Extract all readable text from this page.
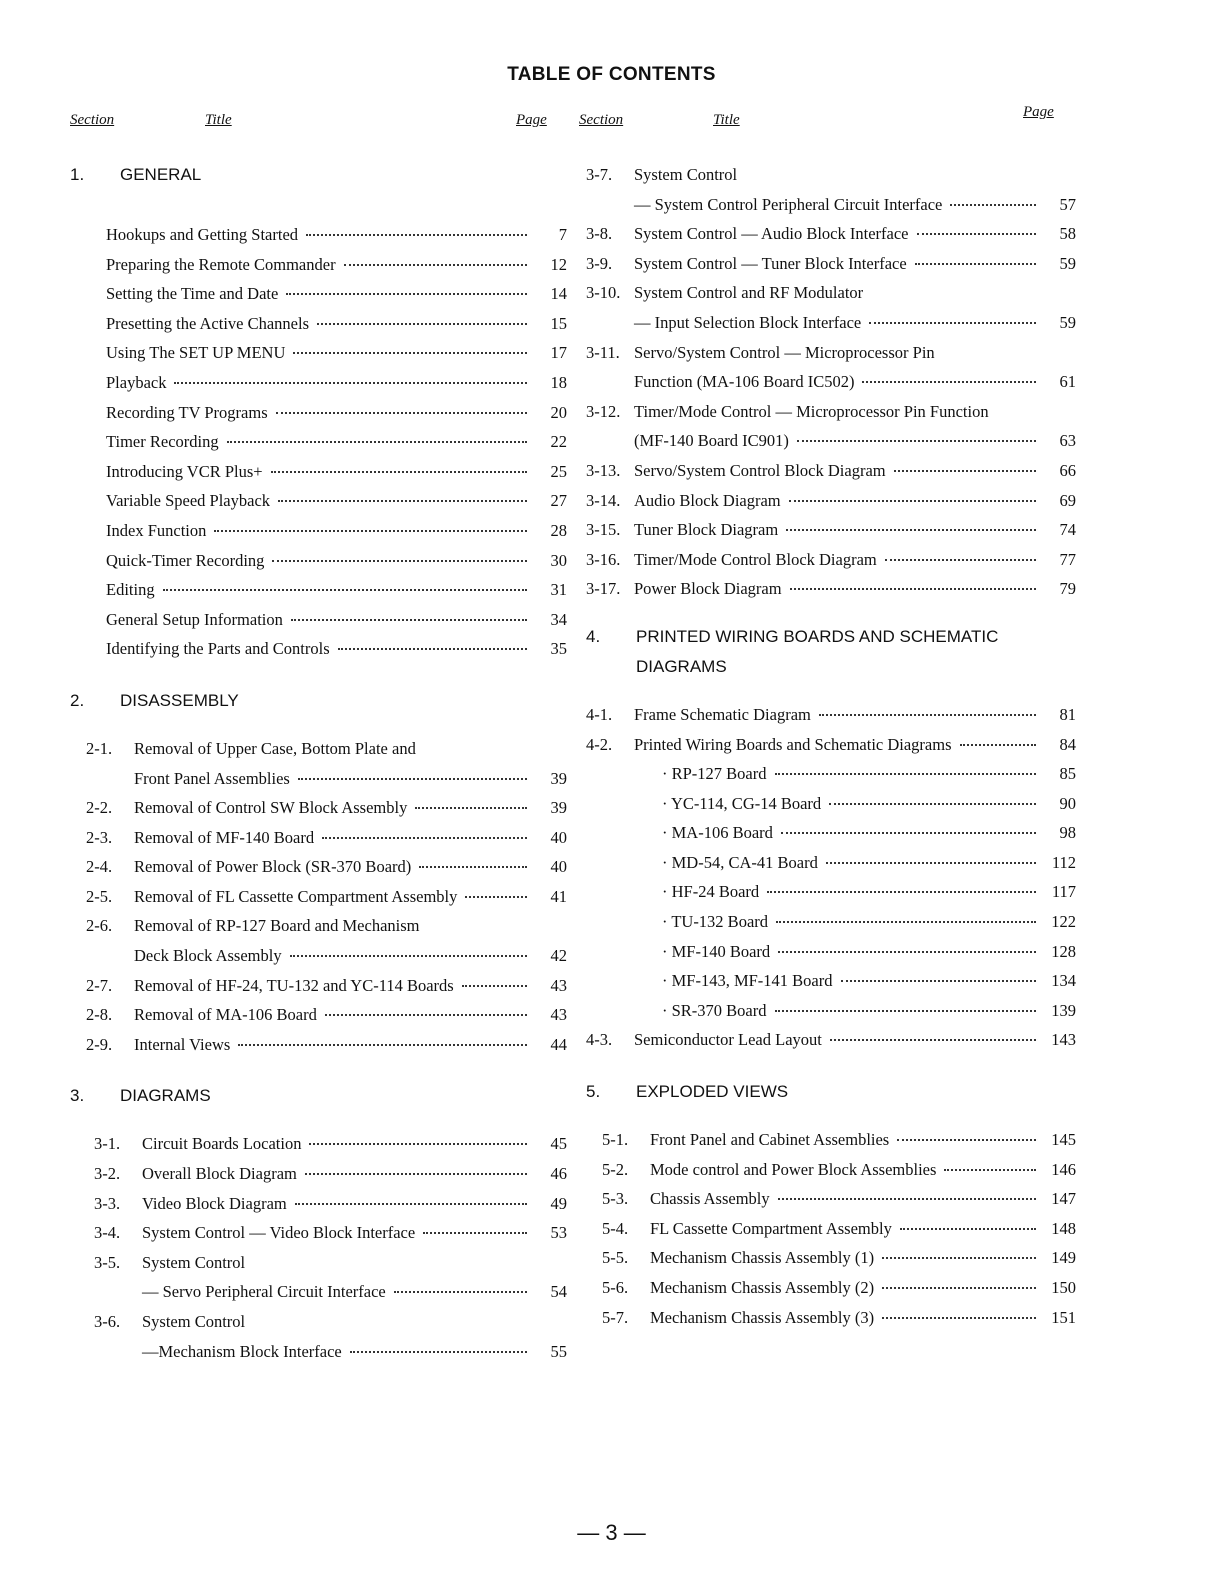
TABLE OF CONTENTS
Section	Title	Page Section	Title	Page
1.	GENERAL
Hookups and Getting Started	7
Preparing the Remote Commander	12
Setting the Time and Date	14
Presetting the Active Channels	15
Using The SET UP MENU	17
Playback	18
Recording TV Programs	20
Timer Recording	22
Introducing VCR Plus+	25
Variable Speed Playback	27
Index Function	28
Quick-Timer Recording	30
Editing	31
General Setup Information	34
Identifying the Parts and Controls	35
2.	DISASSEMBLY
2-1.	Removal of Upper Case, Bottom Plate and
Front Panel Assemblies	39
2-2.	Removal of Control SW Block Assembly	39
2-3.	Removal of MF-140 Board	40
2-4.	Removal of Power Block (SR-370 Board)	40
2-5.	Removal of FL Cassette Compartment Assembly	41
2-6.	Removal of RP-127 Board and Mechanism
Deck Block Assembly	42
2-7.	Removal of HF-24, TU-132 and YC-114 Boards	43
2-8.	Removal of MA-106 Board	43
2-9.	Internal Views	44
3.	DIAGRAMS
3-1.	Circuit Boards Location	45
3-2.	Overall Block Diagram	46
3-3.	Video Block Diagram	49
3-4.	System Control — Video Block Interface	53
3-5.	System Control
— Servo Peripheral Circuit Interface	54
3-6.	System Control
—Mechanism Block Interface	55
3-7.	System Control
— System Control Peripheral Circuit Interface	57
3-8.	System Control — Audio Block Interface	58
3-9.	System Control — Tuner Block Interface	59
3-10. System Control and RF Modulator
— Input Selection Block Interface	59
3-11. Servo/System Control — Microprocessor Pin
Function (MA-106 Board IC502)	61
3-12. Timer/Mode Control — Microprocessor Pin Function
(MF-140 Board IC901)	63
3-13. Servo/System Control Block Diagram	66
3-14. Audio Block Diagram	69
3-15. Tuner Block Diagram	74
3-16. Timer/Mode Control Block Diagram	77
3-17. Power Block Diagram	79
4.	PRINTED WIRING BOARDS AND SCHEMATIC
DIAGRAMS
4-1.	Frame Schematic Diagram	81
4-2.	Printed Wiring Boards and Schematic Diagrams	84
· RP-127 Board	85
· YC-114, CG-14 Board	90
· MA-106 Board	98
· MD-54, CA-41 Board	112
· HF-24 Board	117
· TU-132 Board	122
· MF-140 Board	128
· MF-143, MF-141 Board	134
· SR-370 Board	139
4-3.	Semiconductor Lead Layout	143
5.	EXPLODED VIEWS
5-1.	Front Panel and Cabinet Assemblies	145
5-2.	Mode control and Power Block Assemblies	146
5-3.	Chassis Assembly	147
5-4.	FL Cassette Compartment Assembly	148
5-5.	Mechanism Chassis Assembly (1)	149
5-6.	Mechanism Chassis Assembly (2)	150
5-7.	Mechanism Chassis Assembly (3)	151
— 3 —
